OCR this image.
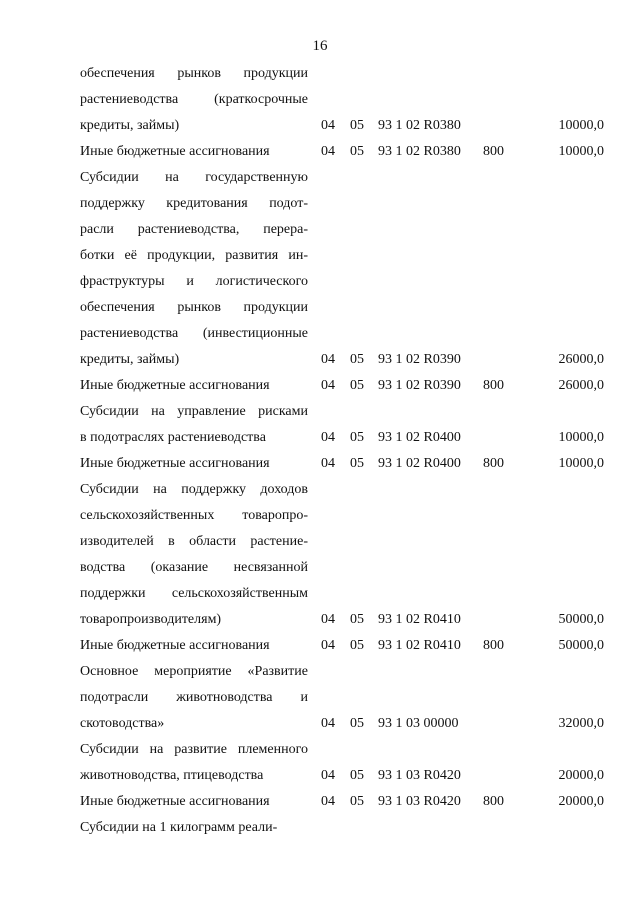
16
обеспечения рынков продукции
растениеводства (краткосрочные
кредиты, займы)	04 05 93 1 02 R0380	10000,0
Иные бюджетные ассигнования	04 05 93 1 02 R0380 800	10000,0
Субсидии на государственную
поддержку кредитования подот-
расли растениеводства, перера-
ботки её продукции, развития ин-
фраструктуры и логистического
обеспечения рынков продукции
растениеводства (инвестиционные
кредиты, займы)	04 05 93 1 02 R0390	26000,0
Иные бюджетные ассигнования	04 05 93 1 02 R0390 800	26000,0
Субсидии на управление рисками
в подотраслях растениеводства	04 05 93 1 02 R0400	10000,0
Иные бюджетные ассигнования	04 05 93 1 02 R0400 800	10000,0
Субсидии на поддержку доходов
сельскохозяйственных товаропро-
изводителей в области растение-
водства (оказание несвязанной
поддержки сельскохозяйственным
товаропроизводителям)	04 05 93 1 02 R0410	50000,0
Иные бюджетные ассигнования	04 05 93 1 02 R0410 800	50000,0
Основное мероприятие «Развитие
подотрасли животноводства и
скотоводства»	04 05 93 1 03 00000	32000,0
Субсидии на развитие племенного
животноводства, птицеводства	04 05 93 1 03 R0420	20000,0
Иные бюджетные ассигнования	04 05 93 1 03 R0420 800	20000,0
Субсидии на 1 килограмм реали-
